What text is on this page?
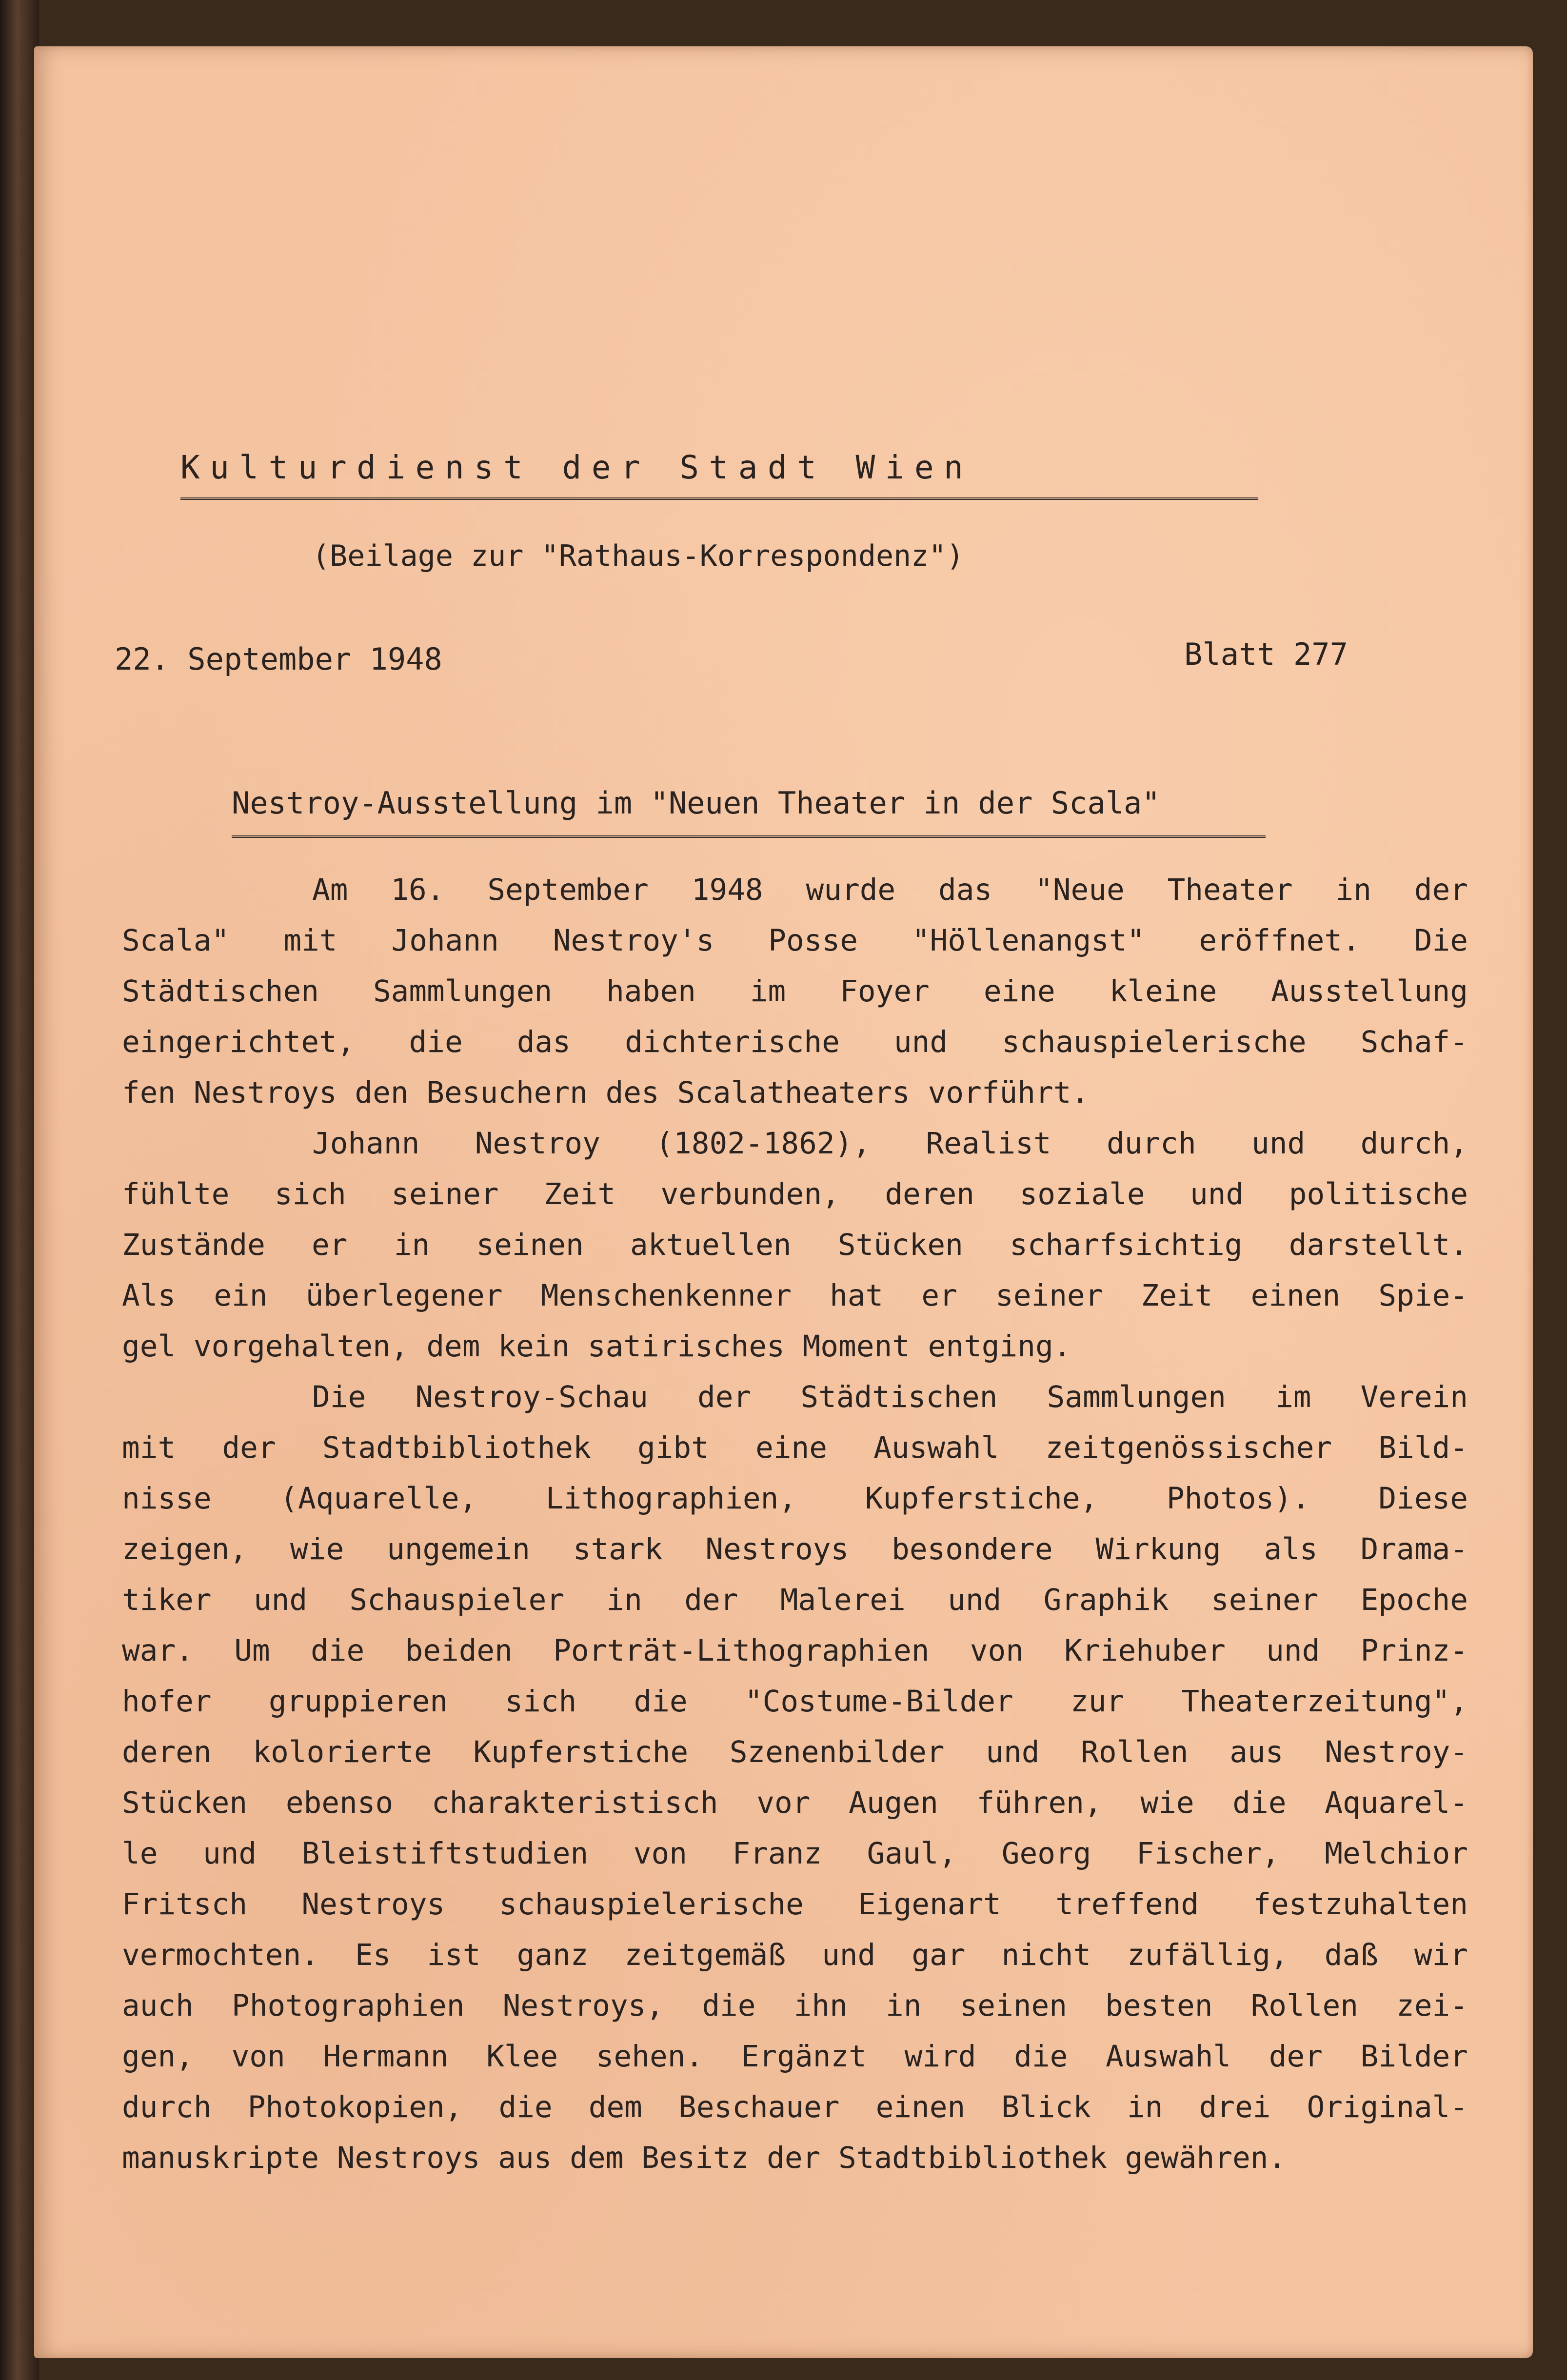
Kulturdienst der Stadt Wien
(Beilage zur "Rathaus-Korrespondenz")
22. September 1948	Blatt 277
Nestroy-Ausstellung im "Neuen Theater in der Scala"
Am 16. September 1948 wurde das "Neue Theater in der
Scala" mit Johann Nestroy's Posse "Höllenangst" eröffnet. Die
Städtischen Sammlungen haben im Foyer eine kleine Ausstellung
eingerichtet, die das dichterische und schauspielerische Schaf-
fen Nestroys den Besuchern des Scalatheaters vorführt.
Johann Nestroy (1802-1862), Realist durch und durch,
fühlte sich seiner Zeit verbunden, deren soziale und politische
Zustände er in seinen aktuellen Stücken scharfsichtig darstellt.
Als ein überlegener Menschenkenner hat er seiner Zeit einen Spie-
gel vorgehalten, dem kein satirisches Moment entging.
Die Nestroy-Schau der Städtischen Sammlungen im Verein
mit der Stadtbibliothek gibt eine Auswahl zeitgenössischer Bild-
nisse (Aquarelle, Lithographien, Kupferstiche, Photos). Diese
zeigen, wie ungemein stark Nestroys besondere Wirkung als Drama-
tiker und Schauspieler in der Malerei und Graphik seiner Epoche
war. Um die beiden Porträt-Lithographien von Kriehuber und Prinz-
hofer gruppieren sich die "Costume-Bilder zur Theaterzeitung",
deren kolorierte Kupferstiche Szenenbilder und Rollen aus Nestroy-
Stücken ebenso charakteristisch vor Augen führen, wie die Aquarel-
le und Bleistiftstudien von Franz Gaul, Georg Fischer, Melchior
Fritsch Nestroys schauspielerische Eigenart treffend festzuhalten
vermochten. Es ist ganz zeitgemäß und gar nicht zufällig, daß wir
auch Photographien Nestroys, die ihn in seinen besten Rollen zei-
gen, von Hermann Klee sehen. Ergänzt wird die Auswahl der Bilder
durch Photokopien, die dem Beschauer einen Blick in drei Original-
manuskripte Nestroys aus dem Besitz der Stadtbibliothek gewähren.
